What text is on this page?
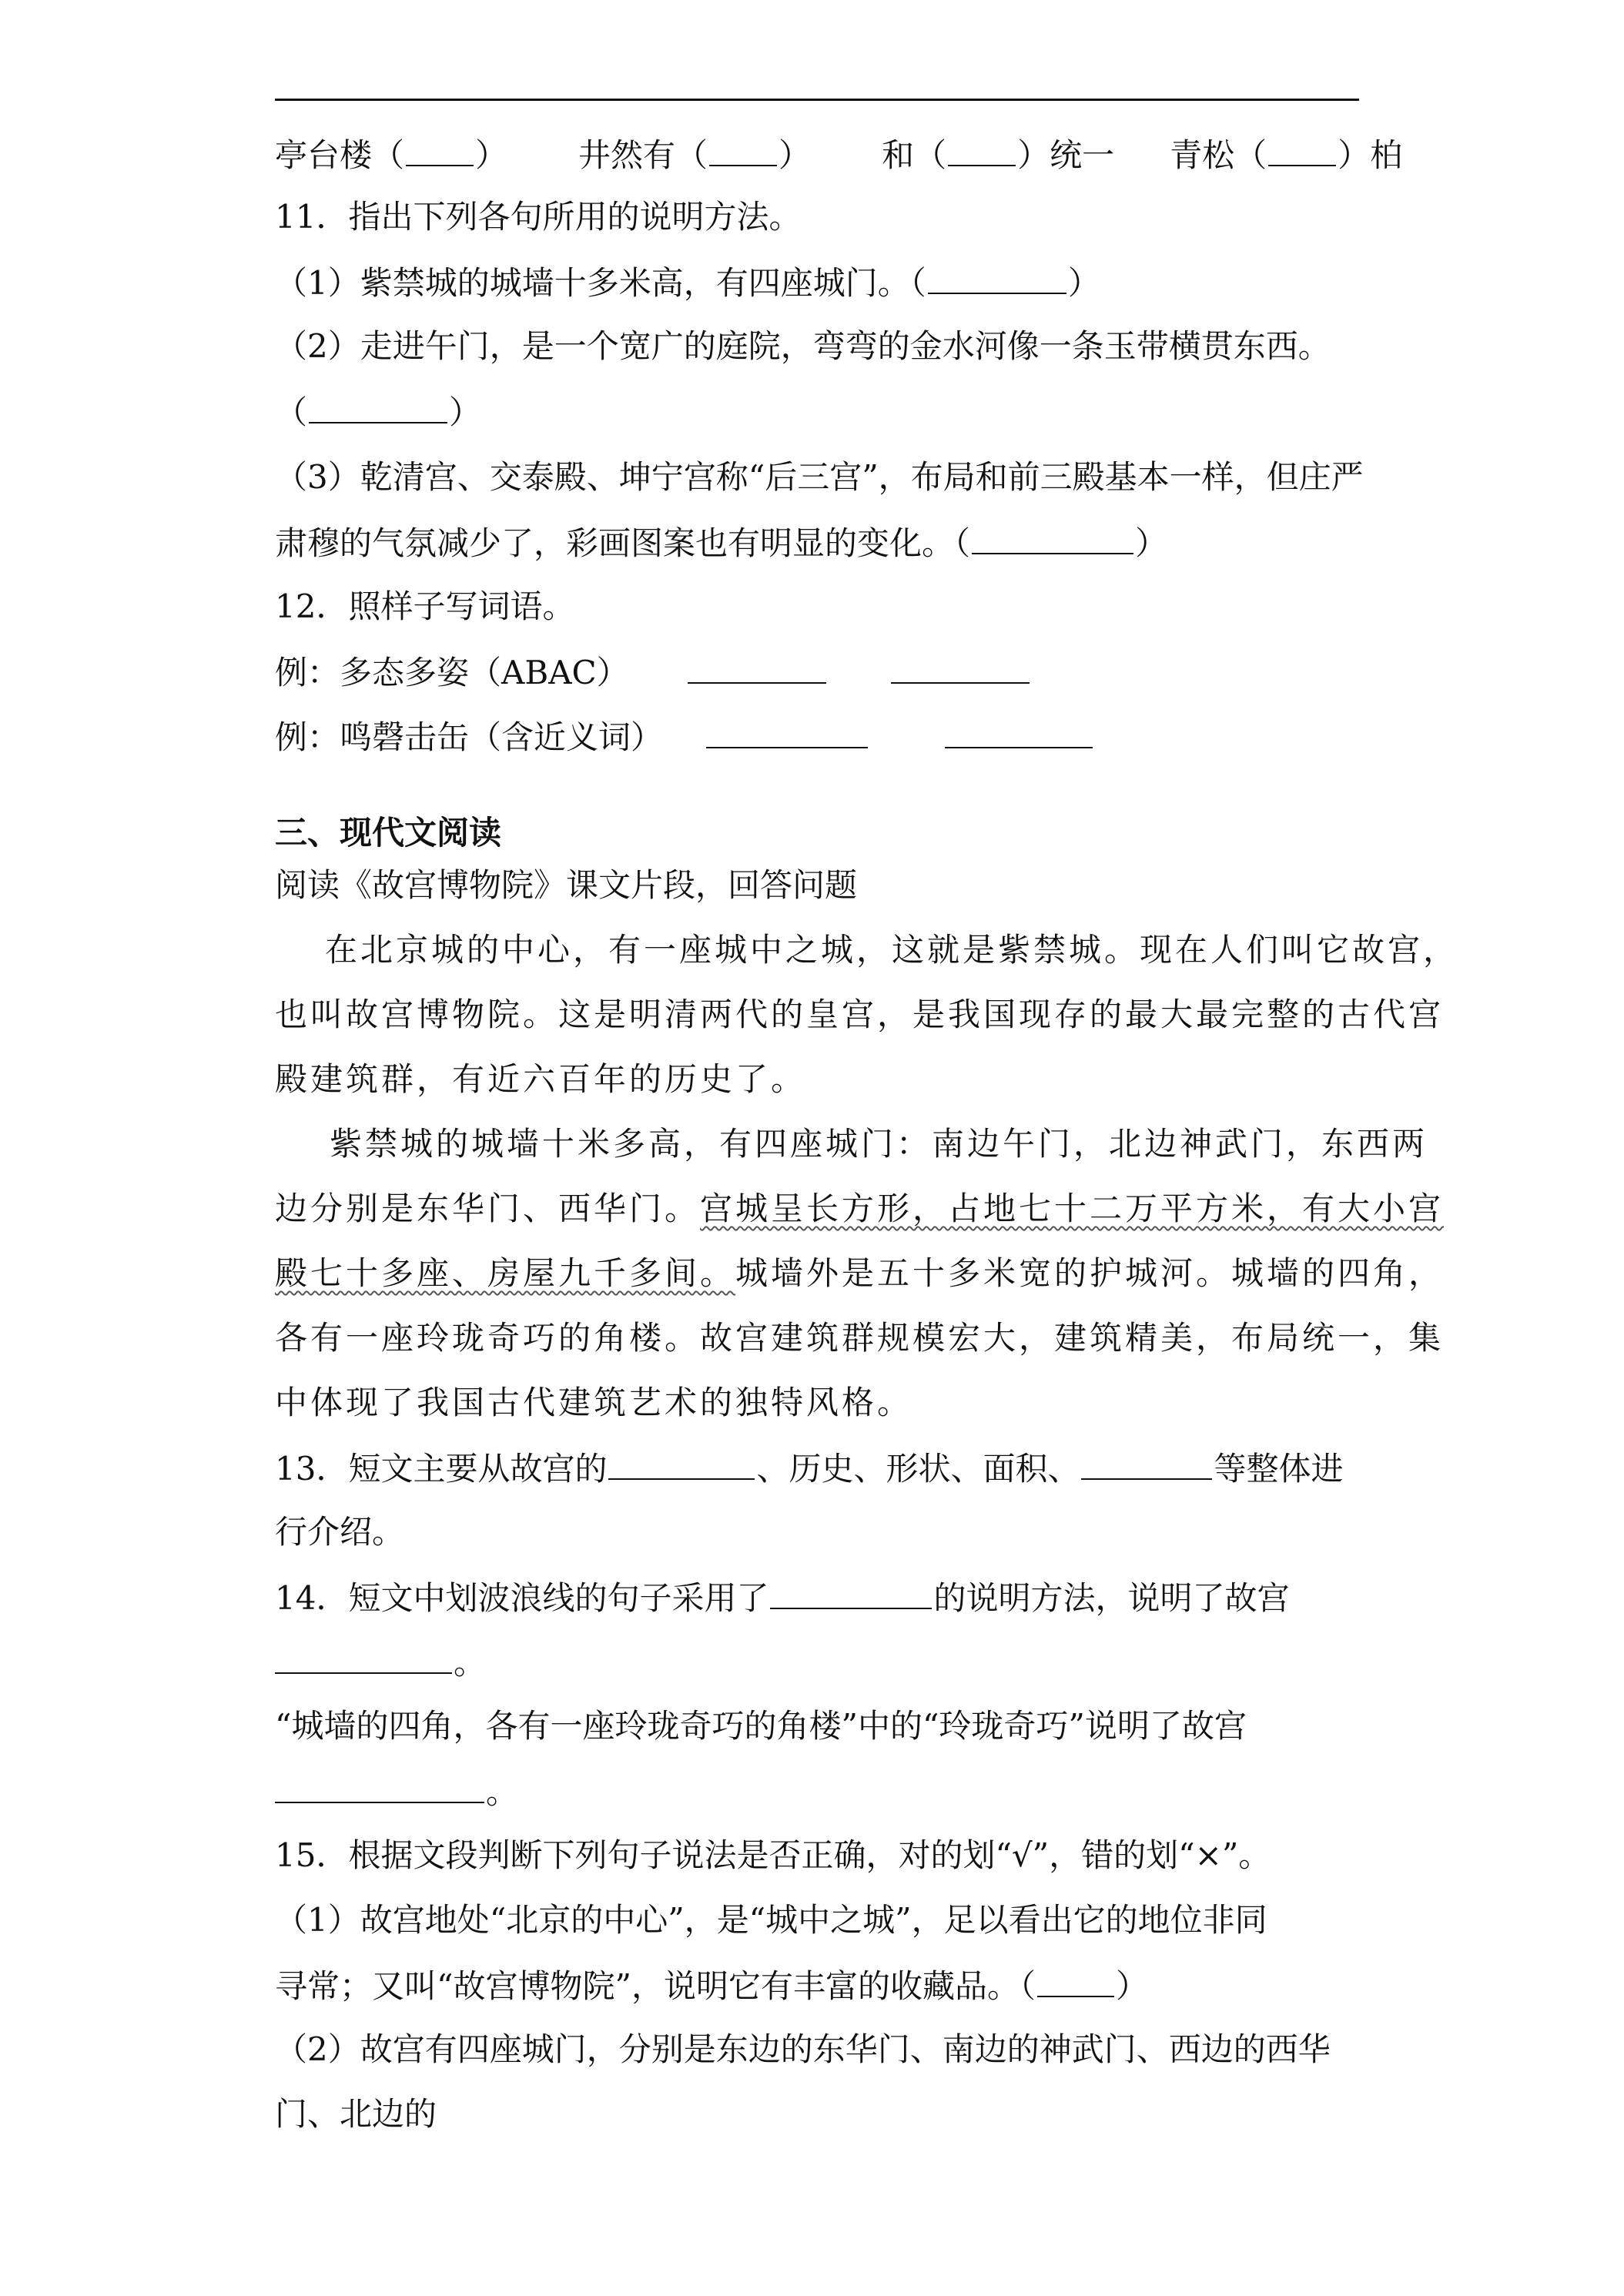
亭台楼（ ） 井然有（ ） 和（ ）统一 青松（ ）柏
11．指出下列各句所用的说明方法。
（1）紫禁城的城墙十多米高，有四座城门。（	）
（2）走进午门，是一个宽广的庭院，弯弯的金水河像一条玉带横贯东西。
（	）
（3）乾清宫、交泰殿、坤宁宫称“后三宫”，布局和前三殿基本一样，但庄严
肃穆的气氛减少了，彩画图案也有明显的变化。（	）
12．照样子写词语。
例：多态多姿（ABAC）
例：鸣磬击缶（含近义词）
三、现代文阅读
阅读《故宫博物院》课文片段，回答问题
在北京城的中心，有一座城中之城，这就是紫禁城。现在人们叫它故宫，
也叫故宫博物院。这是明清两代的皇宫，是我国现存的最大最完整的古代宫
殿建筑群，有近六百年的历史了。
紫禁城的城墙十米多高，有四座城门：南边午门，北边神武门，东西两
边分别是东华门、西华门。宫城呈长方形，占地七十二万平方米，有大小宫
殿七十多座、房屋九千多间。城墙外是五十多米宽的护城河。城墙的四角，
各有一座玲珑奇巧的角楼。故宫建筑群规模宏大，建筑精美，布局统一，集
中体现了我国古代建筑艺术的独特风格。
13．短文主要从故宫的	、历史、形状、面积、	等整体进
行介绍。
14．短文中划波浪线的句子采用了	的说明方法，说明了故宫
。
“城墙的四角，各有一座玲珑奇巧的角楼”中的“玲珑奇巧”说明了故宫
。
15．根据文段判断下列句子说法是否正确，对的划“√”，错的划“×”。
（1）故宫地处“北京的中心”，是“城中之城”，足以看出它的地位非同
寻常；又叫“故宫博物院”，说明它有丰富的收藏品。（ ）
（2）故宫有四座城门，分别是东边的东华门、南边的神武门、西边的西华
门、北边的
